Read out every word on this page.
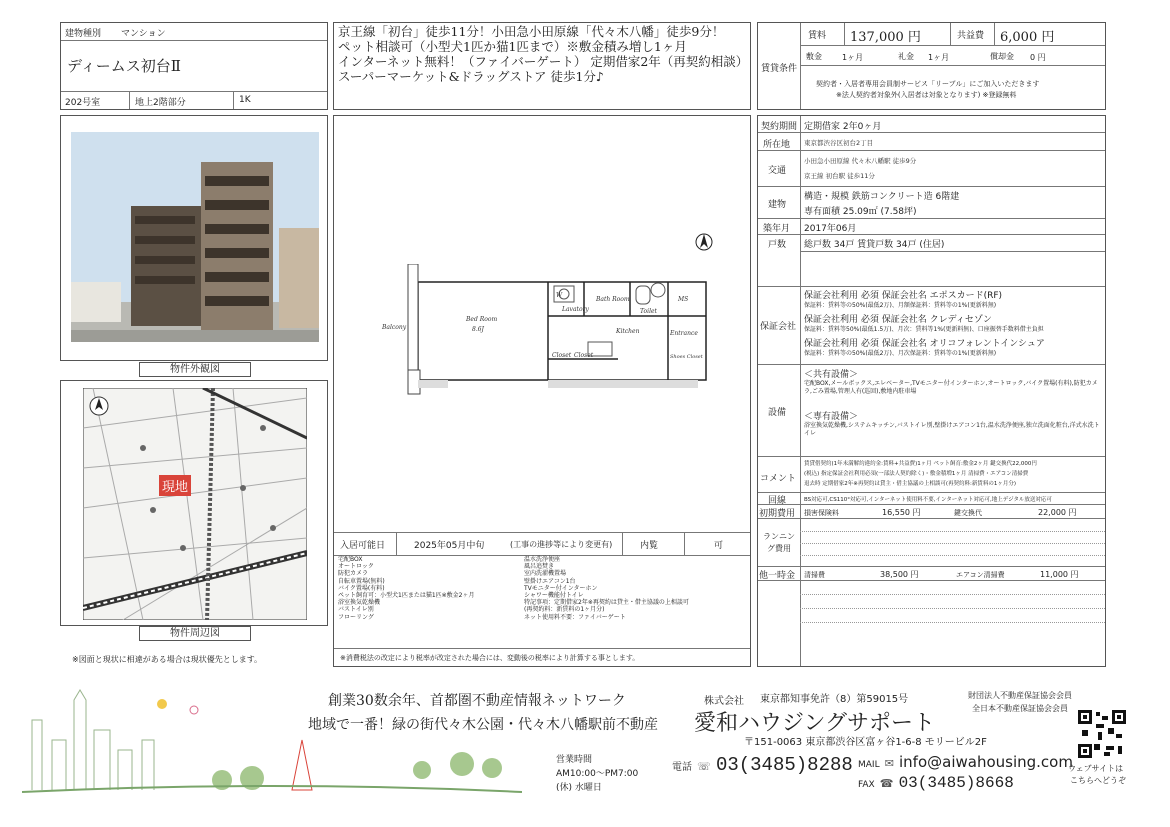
建物種別 マンション
ディームス初台Ⅱ
202号室	地上2階部分	1K
物件外観図
現地
物件周辺図
※図面と現状に相違がある場合は現状優先とします。
京王線「初台」徒歩11分！小田急小田原線「代々木八幡」徒歩9分！
ペット相談可（小型犬1匹か猫1匹まで）※敷金積み増し1ヶ月
インターネット無料！（ファイバーゲート） 定期借家2年（再契約相談）
スーパーマーケット&ドラッグストア 徒歩1分♪
Balcony
Bed Room
8.6J
Lavatory
Bath Room
Toilet
MS
W
Kitchen	Entrance
Closet Closet	Shoes Closet
入居可能日	2025年05月中旬	(工事の進捗等により変更有)	内覧	可
宅配BOX
オートロック
防犯カメラ
自転車置場(無料)
バイク置場(有料)
ペット飼育可：小型犬1匹または猫1匹※敷金2ヶ月
浴室換気乾燥機
バストイレ別
フローリング
温水洗浄便座
風呂追焚き
室内洗濯機置場
壁掛けエアコン1台
TVモニター付インターホン
シャワー機能付トイレ
特記事項：定期借家2年※再契約は貸主・借主協議の上相談可
(再契約料：新賃料の1ヶ月分)
ネット使用料不要：ファイバーゲート
※消費税法の改定により税率が改定された場合には、変動後の税率により計算する事とします。
賃貸条件
賃料 137,000 円	共益費 6,000 円
敷金	1ヶ月	礼金 1ヶ月	償却金 0 円
契約者・入居者専用会員制サービス「リーブル」にご加入いただきます
※法人契約者対象外(入居者は対象となります) ※登録無料
契約期間 定期借家 2年0ヶ月
所在地 東京都渋谷区初台2丁目
交通
小田急小田原線 代々木八幡駅 徒歩9分
京王線 初台駅 徒歩11分
建物
構造・規模 鉄筋コンクリート造 6階建
専有面積 25.09㎡ (7.58坪)
築年月 2017年06月
戸数 総戸数 34戸 賃貸戸数 34戸 (住居)
保証会社
保証会社利用 必須 保証会社名 エポスカード(RF)
保証料：賃料等の50%(最低2万)、月額保証料：賃料等の1%(更新料無)
保証会社利用 必須 保証会社名 クレディセゾン
保証料：賃料等50%(最低1.5万)、月次：賃料等1%(更新料無)、口座振替手数料借主負担
保証会社利用 必須 保証会社名 オリコフォレントインシュア
保証料：賃料等の50%(最低2万)、月次保証料：賃料等の1%(更新料無)
設備
＜共有設備＞
宅配BOX,メールボックス,エレベーター,TVモニター付インターホン,オートロック,バイク置場(有料),防犯カメラ,ごみ置場,管理人有(巡回),敷地内駐車場
＜専有設備＞
浴室換気乾燥機,システムキッチン,バストイレ別,壁掛けエアコン1台,温水洗浄便座,独立洗面化粧台,洋式水洗トイレ
コメント
賃貸借契約(1年未満解約違約金:賃料+共益費)1ヶ月 ペット飼育:敷金2ヶ月 鍵交換代22,000円
(税込) 指定保証会社利用必須(一部法人契約除く)・敷金積増1ヶ月 清掃費・エアコン清掃費
退去時 定期借家2年※再契約は貸主・借主協議の上相談可(再契約料:新賃料の1ヶ月分)
回線	BS対応可,CS110°対応可,インターネット使用料不要,インターネット対応可,地上デジタル放送対応可
初期費用 損害保険料	16,550 円	鍵交換代	22,000 円
ランニング費用
他一時金 清掃費	38,500 円	エアコン清掃費	11,000 円
創業30数余年、首都圏不動産情報ネットワーク
地域で一番！緑の街代々木公園・代々木八幡駅前不動産
営業時間
AM10:00～PM7:00
(休) 水曜日
株式会社 東京都知事免許（8）第59015号	財団法人不動産保証協会会員
全日本不動産保証協会会員
愛和ハウジングサポート
〒151-0063 東京都渋谷区富ヶ谷1-6-8 モリービル2F
電話 ☏ 03(3485)8288 MAIL ✉ info@aiwahousing.com
FAX ☎ 03(3485)8668
ウェブサイトは
こちらへどうぞ
